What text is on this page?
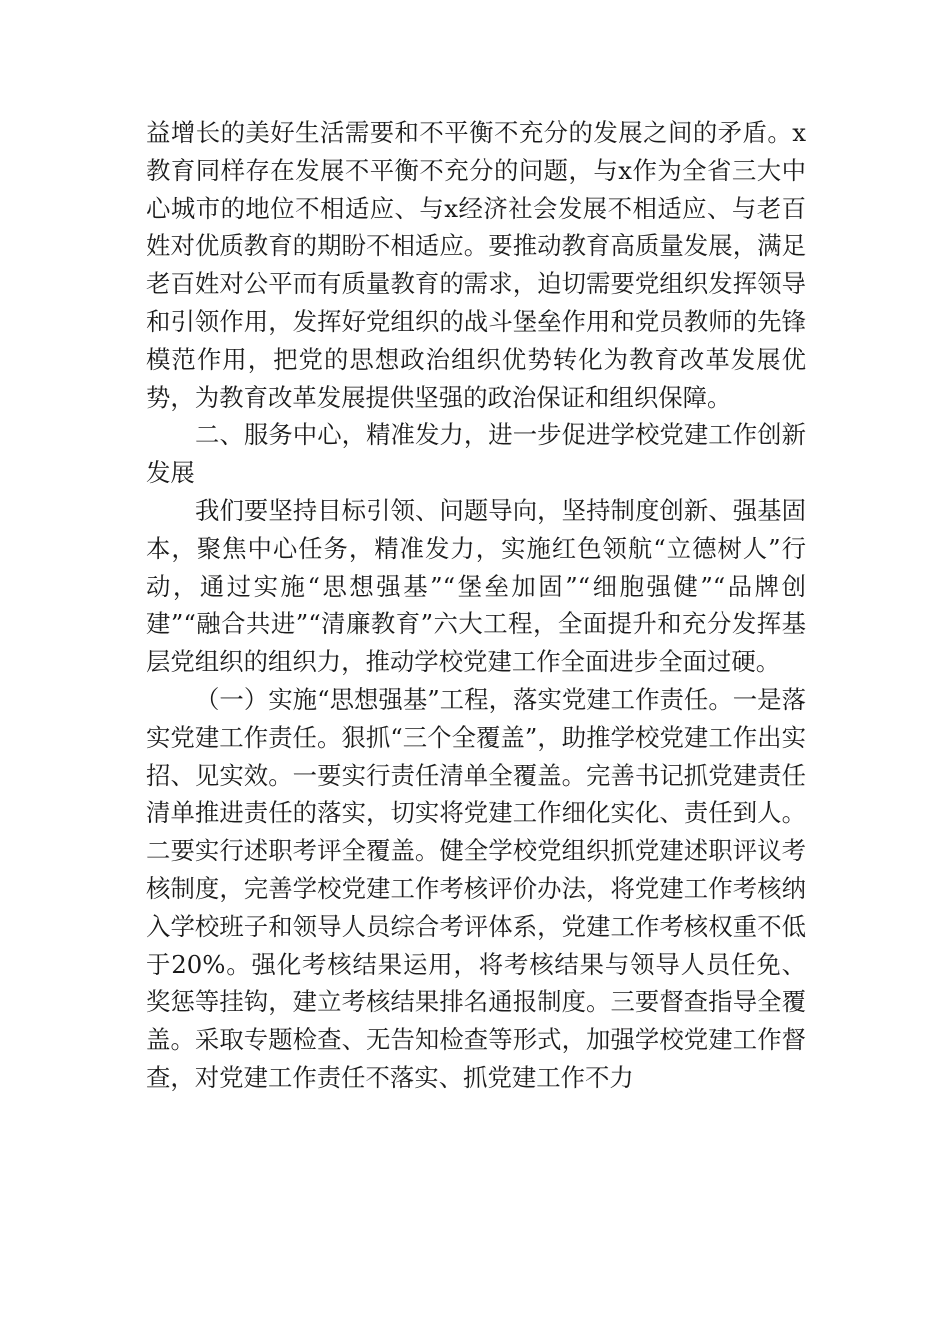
益增长的美好生活需要和不平衡不充分的发展之间的矛盾。x教育同样存在发展不平衡不充分的问题，与x作为全省三大中心城市的地位不相适应、与x经济社会发展不相适应、与老百姓对优质教育的期盼不相适应。要推动教育高质量发展，满足老百姓对公平而有质量教育的需求，迫切需要党组织发挥领导和引领作用，发挥好党组织的战斗堡垒作用和党员教师的先锋模范作用，把党的思想政治组织优势转化为教育改革发展优势，为教育改革发展提供坚强的政治保证和组织保障。

二、服务中心，精准发力，进一步促进学校党建工作创新发展

我们要坚持目标引领、问题导向，坚持制度创新、强基固本，聚焦中心任务，精准发力，实施红色领航“立德树人”行动，通过实施“思想强基”“堡垒加固”“细胞强健”“品牌创建”“融合共进”“清廉教育”六大工程，全面提升和充分发挥基层党组织的组织力，推动学校党建工作全面进步全面过硬。

（一）实施“思想强基”工程，落实党建工作责任。一是落实党建工作责任。狠抓“三个全覆盖”，助推学校党建工作出实招、见实效。一要实行责任清单全覆盖。完善书记抓党建责任清单推进责任的落实，切实将党建工作细化实化、责任到人。二要实行述职考评全覆盖。健全学校党组织抓党建述职评议考核制度，完善学校党建工作考核评价办法，将党建工作考核纳入学校班子和领导人员综合考评体系，党建工作考核权重不低于20%。强化考核结果运用，将考核结果与领导人员任免、奖惩等挂钩，建立考核结果排名通报制度。三要督查指导全覆盖。采取专题检查、无告知检查等形式，加强学校党建工作督查，对党建工作责任不落实、抓党建工作不力
